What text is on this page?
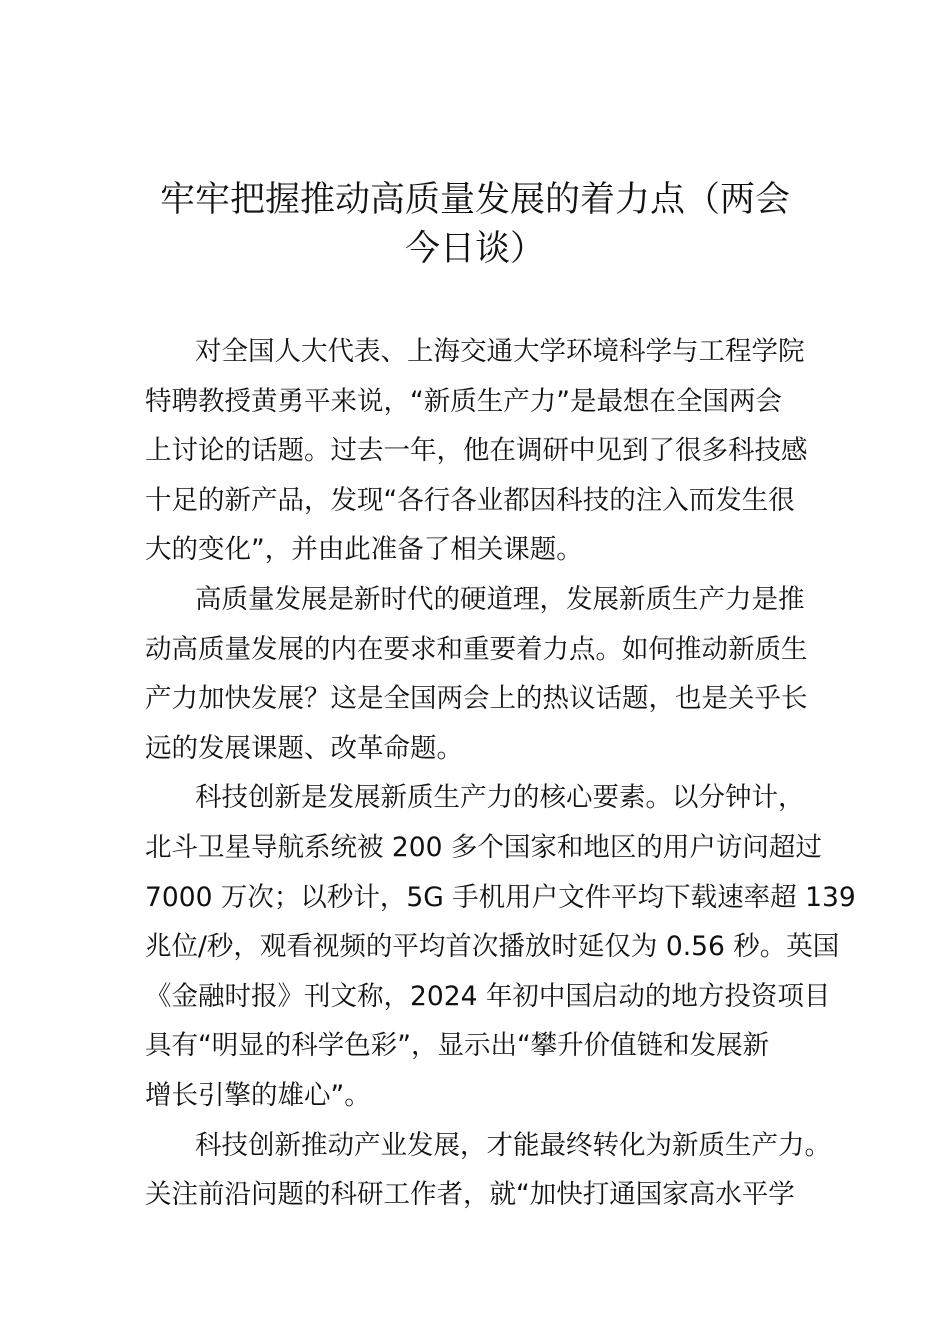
牢牢把握推动高质量发展的着力点（两会
今日谈）
对全国人大代表、上海交通大学环境科学与工程学院
特聘教授黄勇平来说，“新质生产力”是最想在全国两会
上讨论的话题。过去一年，他在调研中见到了很多科技感
十足的新产品，发现“各行各业都因科技的注入而发生很
大的变化”，并由此准备了相关课题。
高质量发展是新时代的硬道理，发展新质生产力是推
动高质量发展的内在要求和重要着力点。如何推动新质生
产力加快发展？这是全国两会上的热议话题，也是关乎长
远的发展课题、改革命题。
科技创新是发展新质生产力的核心要素。以分钟计，
北斗卫星导航系统被 200 多个国家和地区的用户访问超过
7000 万次；以秒计，5G 手机用户文件平均下载速率超 139
兆位/秒，观看视频的平均首次播放时延仅为 0.56 秒。英国
《金融时报》刊文称，2024 年初中国启动的地方投资项目
具有“明显的科学色彩”，显示出“攀升价值链和发展新
增长引擎的雄心”。
科技创新推动产业发展，才能最终转化为新质生产力。
关注前沿问题的科研工作者，就“加快打通国家高水平学
